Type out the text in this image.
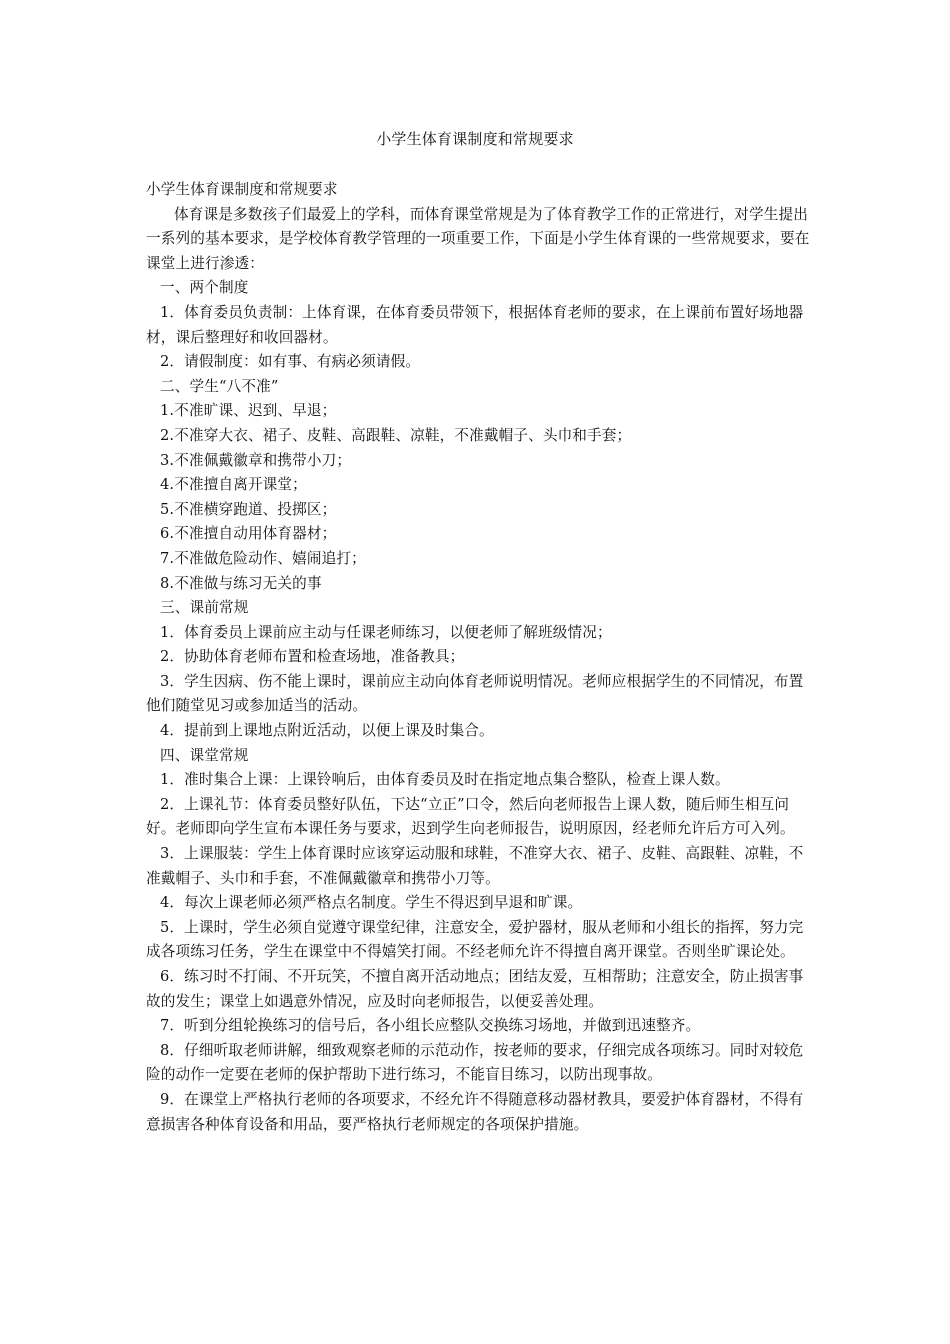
小学生体育课制度和常规要求

小学生体育课制度和常规要求

体育课是多数孩子们最爱上的学科，而体育课堂常规是为了体育教学工作的正常进行，对学生提出一系列的基本要求，是学校体育教学管理的一项重要工作，下面是小学生体育课的一些常规要求，要在课堂上进行渗透：

一、两个制度

1．体育委员负责制：上体育课，在体育委员带领下，根据体育老师的要求，在上课前布置好场地器材，课后整理好和收回器材。

2．请假制度：如有事、有病必须请假。

二、学生“八不准”

1.不准旷课、迟到、早退；

2.不准穿大衣、裙子、皮鞋、高跟鞋、凉鞋，不准戴帽子、头巾和手套；

3.不准佩戴徽章和携带小刀；

4.不准擅自离开课堂；

5.不准横穿跑道、投掷区；

6.不准擅自动用体育器材；

7.不准做危险动作、嬉闹追打；

8.不准做与练习无关的事

三、课前常规

1．体育委员上课前应主动与任课老师练习，以便老师了解班级情况；

2．协助体育老师布置和检查场地，准备教具；

3．学生因病、伤不能上课时，课前应主动向体育老师说明情况。老师应根据学生的不同情况，布置他们随堂见习或参加适当的活动。

4．提前到上课地点附近活动，以便上课及时集合。

四、课堂常规

1．准时集合上课：上课铃响后，由体育委员及时在指定地点集合整队，检查上课人数。

2．上课礼节：体育委员整好队伍，下达“立正”口令，然后向老师报告上课人数，随后师生相互问好。老师即向学生宣布本课任务与要求，迟到学生向老师报告，说明原因，经老师允许后方可入列。

3．上课服装：学生上体育课时应该穿运动服和球鞋，不准穿大衣、裙子、皮鞋、高跟鞋、凉鞋，不准戴帽子、头巾和手套，不准佩戴徽章和携带小刀等。

4．每次上课老师必须严格点名制度。学生不得迟到早退和旷课。

5．上课时，学生必须自觉遵守课堂纪律，注意安全，爱护器材，服从老师和小组长的指挥，努力完成各项练习任务，学生在课堂中不得嬉笑打闹。不经老师允许不得擅自离开课堂。否则坐旷课论处。

6．练习时不打闹、不开玩笑，不擅自离开活动地点；团结友爱，互相帮助；注意安全，防止损害事故的发生；课堂上如遇意外情况，应及时向老师报告，以便妥善处理。

7．听到分组轮换练习的信号后，各小组长应整队交换练习场地，并做到迅速整齐。

8．仔细听取老师讲解，细致观察老师的示范动作，按老师的要求，仔细完成各项练习。同时对较危险的动作一定要在老师的保护帮助下进行练习，不能盲目练习，以防出现事故。

9．在课堂上严格执行老师的各项要求，不经允许不得随意移动器材教具，要爱护体育器材，不得有意损害各种体育设备和用品，要严格执行老师规定的各项保护措施。
